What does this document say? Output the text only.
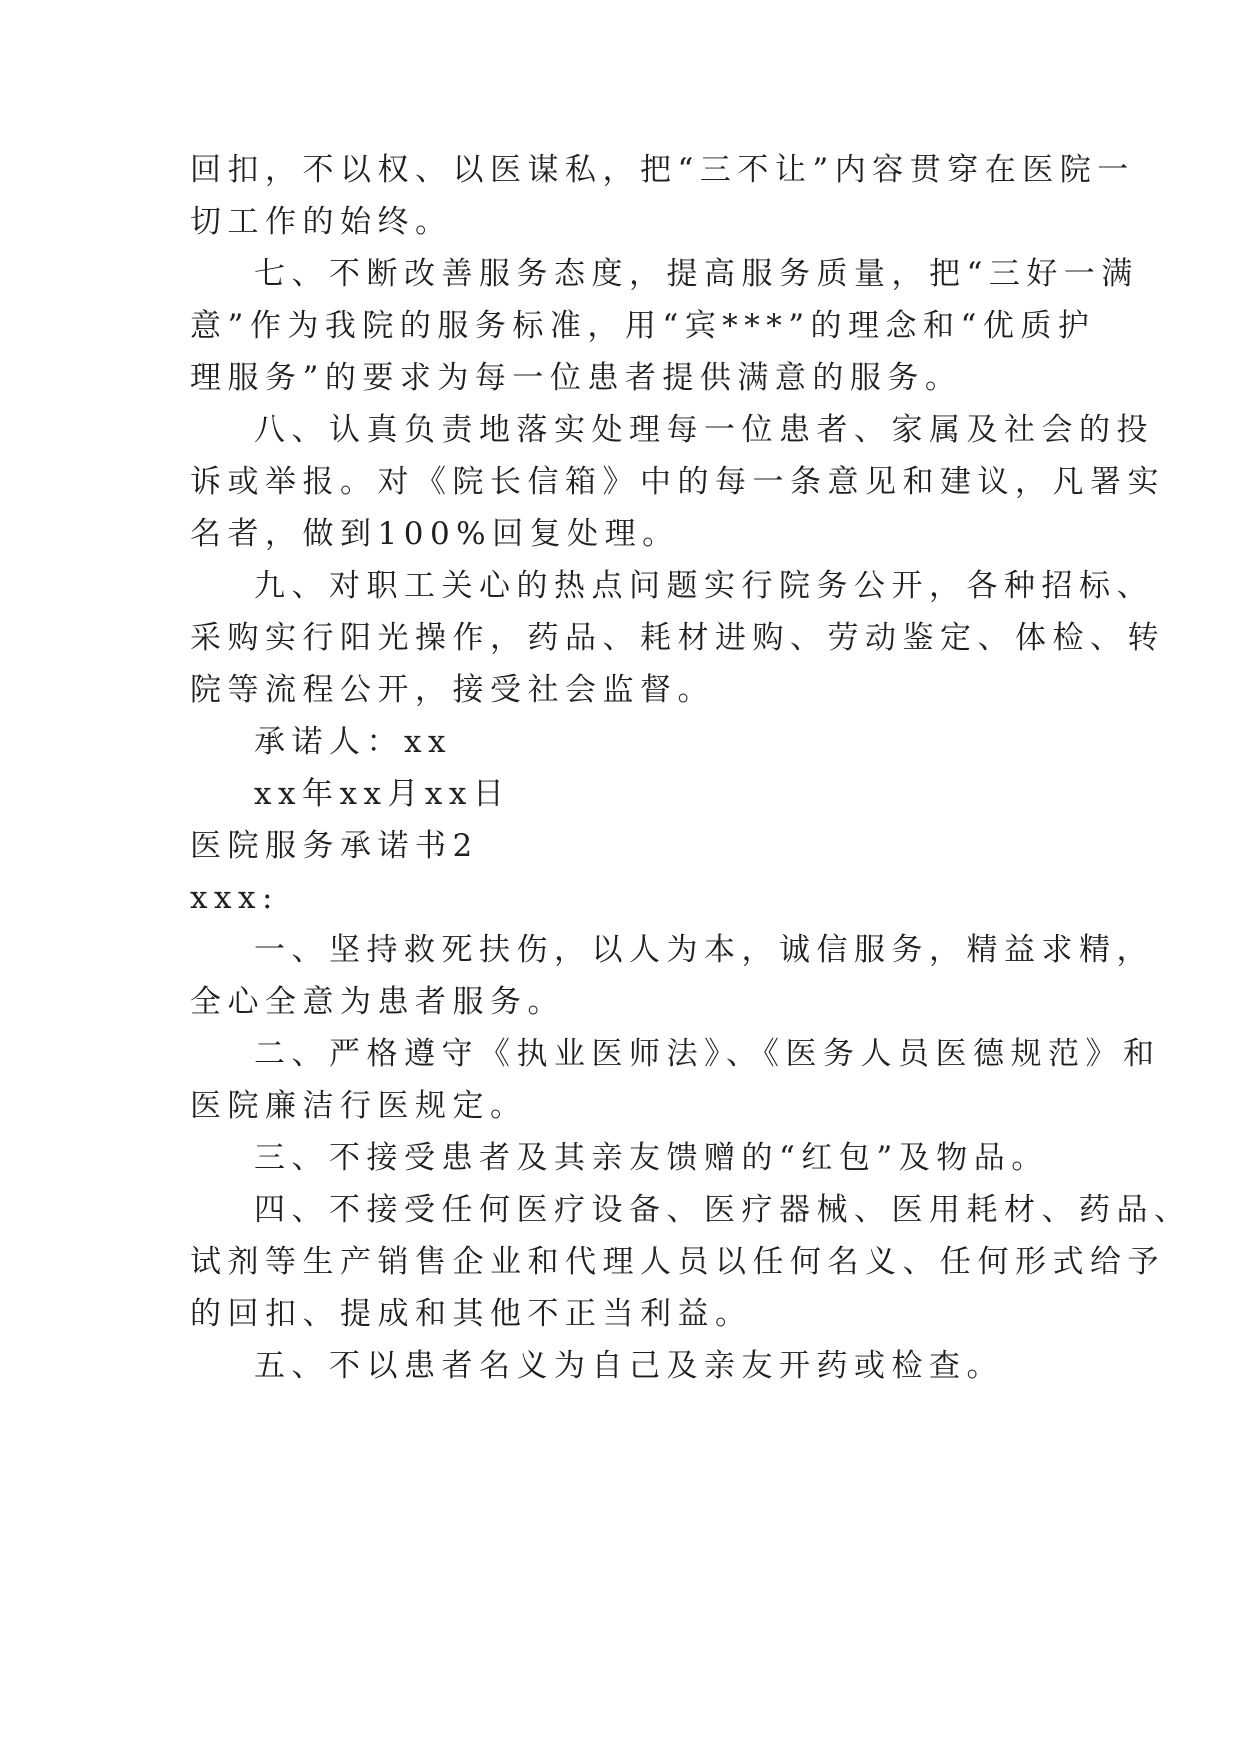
回扣，不以权、以医谋私，把“三不让”内容贯穿在医院一
切工作的始终。
七、不断改善服务态度，提高服务质量，把“三好一满
意”作为我院的服务标准，用“宾***”的理念和“优质护
理服务”的要求为每一位患者提供满意的服务。
八、认真负责地落实处理每一位患者、家属及社会的投
诉或举报。对《院长信箱》中的每一条意见和建议，凡署实
名者，做到100%回复处理。
九、对职工关心的热点问题实行院务公开，各种招标、
采购实行阳光操作，药品、耗材进购、劳动鉴定、体检、转
院等流程公开，接受社会监督。
承诺人：xx
xx年xx月xx日
医院服务承诺书2
xxx:
一、坚持救死扶伤，以人为本，诚信服务，精益求精，
全心全意为患者服务。
二、严格遵守《执业医师法》、《医务人员医德规范》和
医院廉洁行医规定。
三、不接受患者及其亲友馈赠的“红包”及物品。
四、不接受任何医疗设备、医疗器械、医用耗材、药品、
试剂等生产销售企业和代理人员以任何名义、任何形式给予
的回扣、提成和其他不正当利益。
五、不以患者名义为自己及亲友开药或检查。
